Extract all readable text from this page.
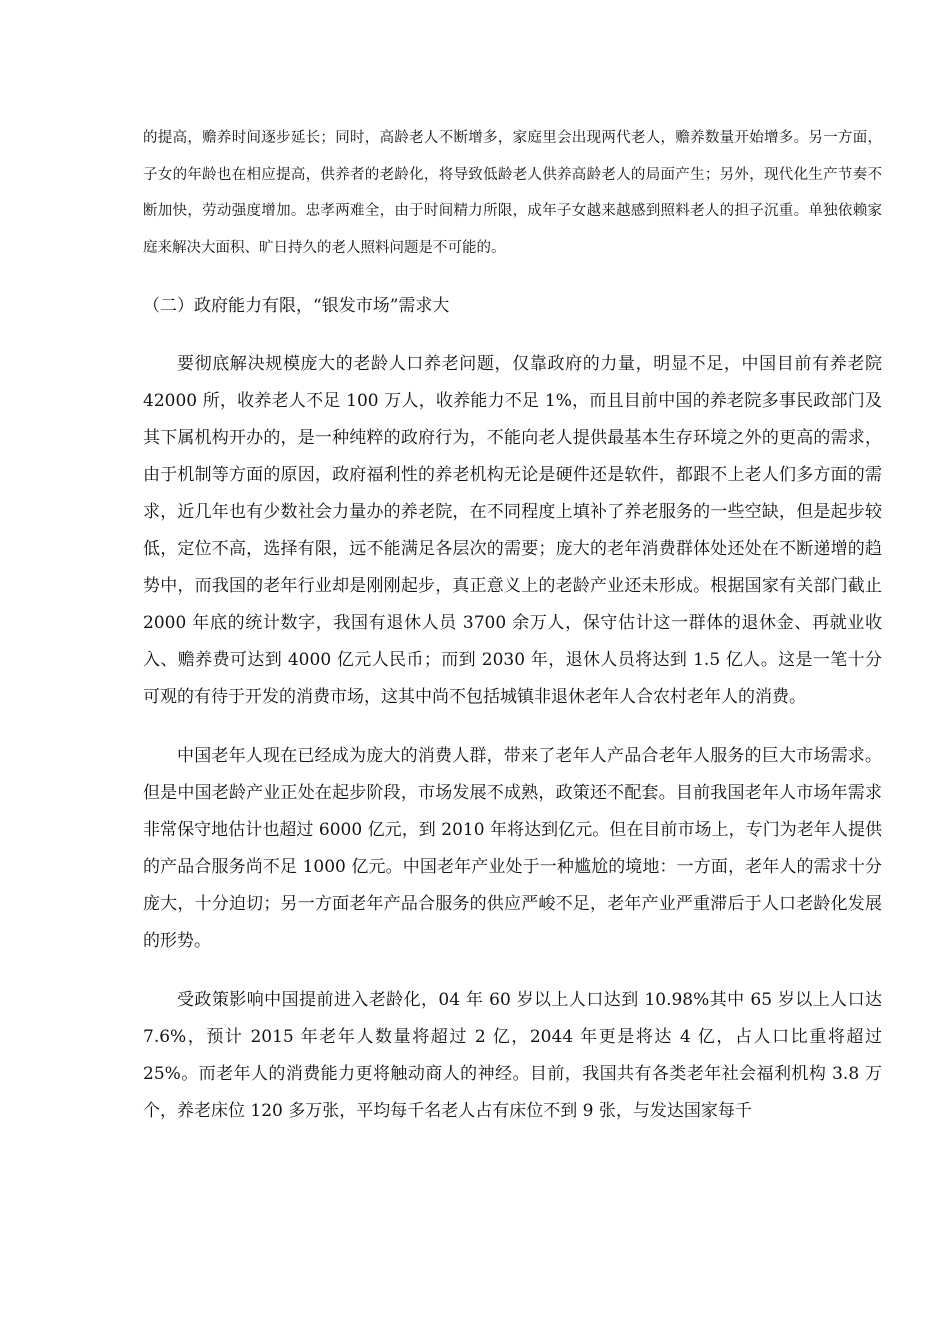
的提高，赡养时间逐步延长；同时，高龄老人不断增多，家庭里会出现两代老人，赡养数量开始增多。另一方面，子女的年龄也在相应提高，供养者的老龄化，将导致低龄老人供养高龄老人的局面产生；另外，现代化生产节奏不断加快，劳动强度增加。忠孝两难全，由于时间精力所限，成年子女越来越感到照料老人的担子沉重。单独依赖家庭来解决大面积、旷日持久的老人照料问题是不可能的。

（二）政府能力有限，“银发市场”需求大

要彻底解决规模庞大的老龄人口养老问题，仅靠政府的力量，明显不足，中国目前有养老院 42000 所，收养老人不足 100 万人，收养能力不足 1%，而且目前中国的养老院多事民政部门及其下属机构开办的，是一种纯粹的政府行为，不能向老人提供最基本生存环境之外的更高的需求，由于机制等方面的原因，政府福利性的养老机构无论是硬件还是软件，都跟不上老人们多方面的需求，近几年也有少数社会力量办的养老院，在不同程度上填补了养老服务的一些空缺，但是起步较低，定位不高，选择有限，远不能满足各层次的需要；庞大的老年消费群体处还处在不断递增的趋势中，而我国的老年行业却是刚刚起步，真正意义上的老龄产业还未形成。根据国家有关部门截止 2000 年底的统计数字，我国有退休人员 3700 余万人，保守估计这一群体的退休金、再就业收入、赡养费可达到 4000 亿元人民币；而到 2030 年，退休人员将达到 1.5 亿人。这是一笔十分可观的有待于开发的消费市场，这其中尚不包括城镇非退休老年人合农村老年人的消费。

中国老年人现在已经成为庞大的消费人群，带来了老年人产品合老年人服务的巨大市场需求。但是中国老龄产业正处在起步阶段，市场发展不成熟，政策还不配套。目前我国老年人市场年需求非常保守地估计也超过 6000 亿元，到 2010 年将达到亿元。但在目前市场上，专门为老年人提供的产品合服务尚不足 1000 亿元。中国老年产业处于一种尴尬的境地：一方面，老年人的需求十分庞大，十分迫切；另一方面老年产品合服务的供应严峻不足，老年产业严重滞后于人口老龄化发展的形势。

受政策影响中国提前进入老龄化，04 年 60 岁以上人口达到 10.98%其中 65 岁以上人口达 7.6%，预计 2015 年老年人数量将超过 2 亿，2044 年更是将达 4 亿，占人口比重将超过 25%。而老年人的消费能力更将触动商人的神经。目前，我国共有各类老年社会福利机构 3.8 万个，养老床位 120 多万张，平均每千名老人占有床位不到 9 张，与发达国家每千
